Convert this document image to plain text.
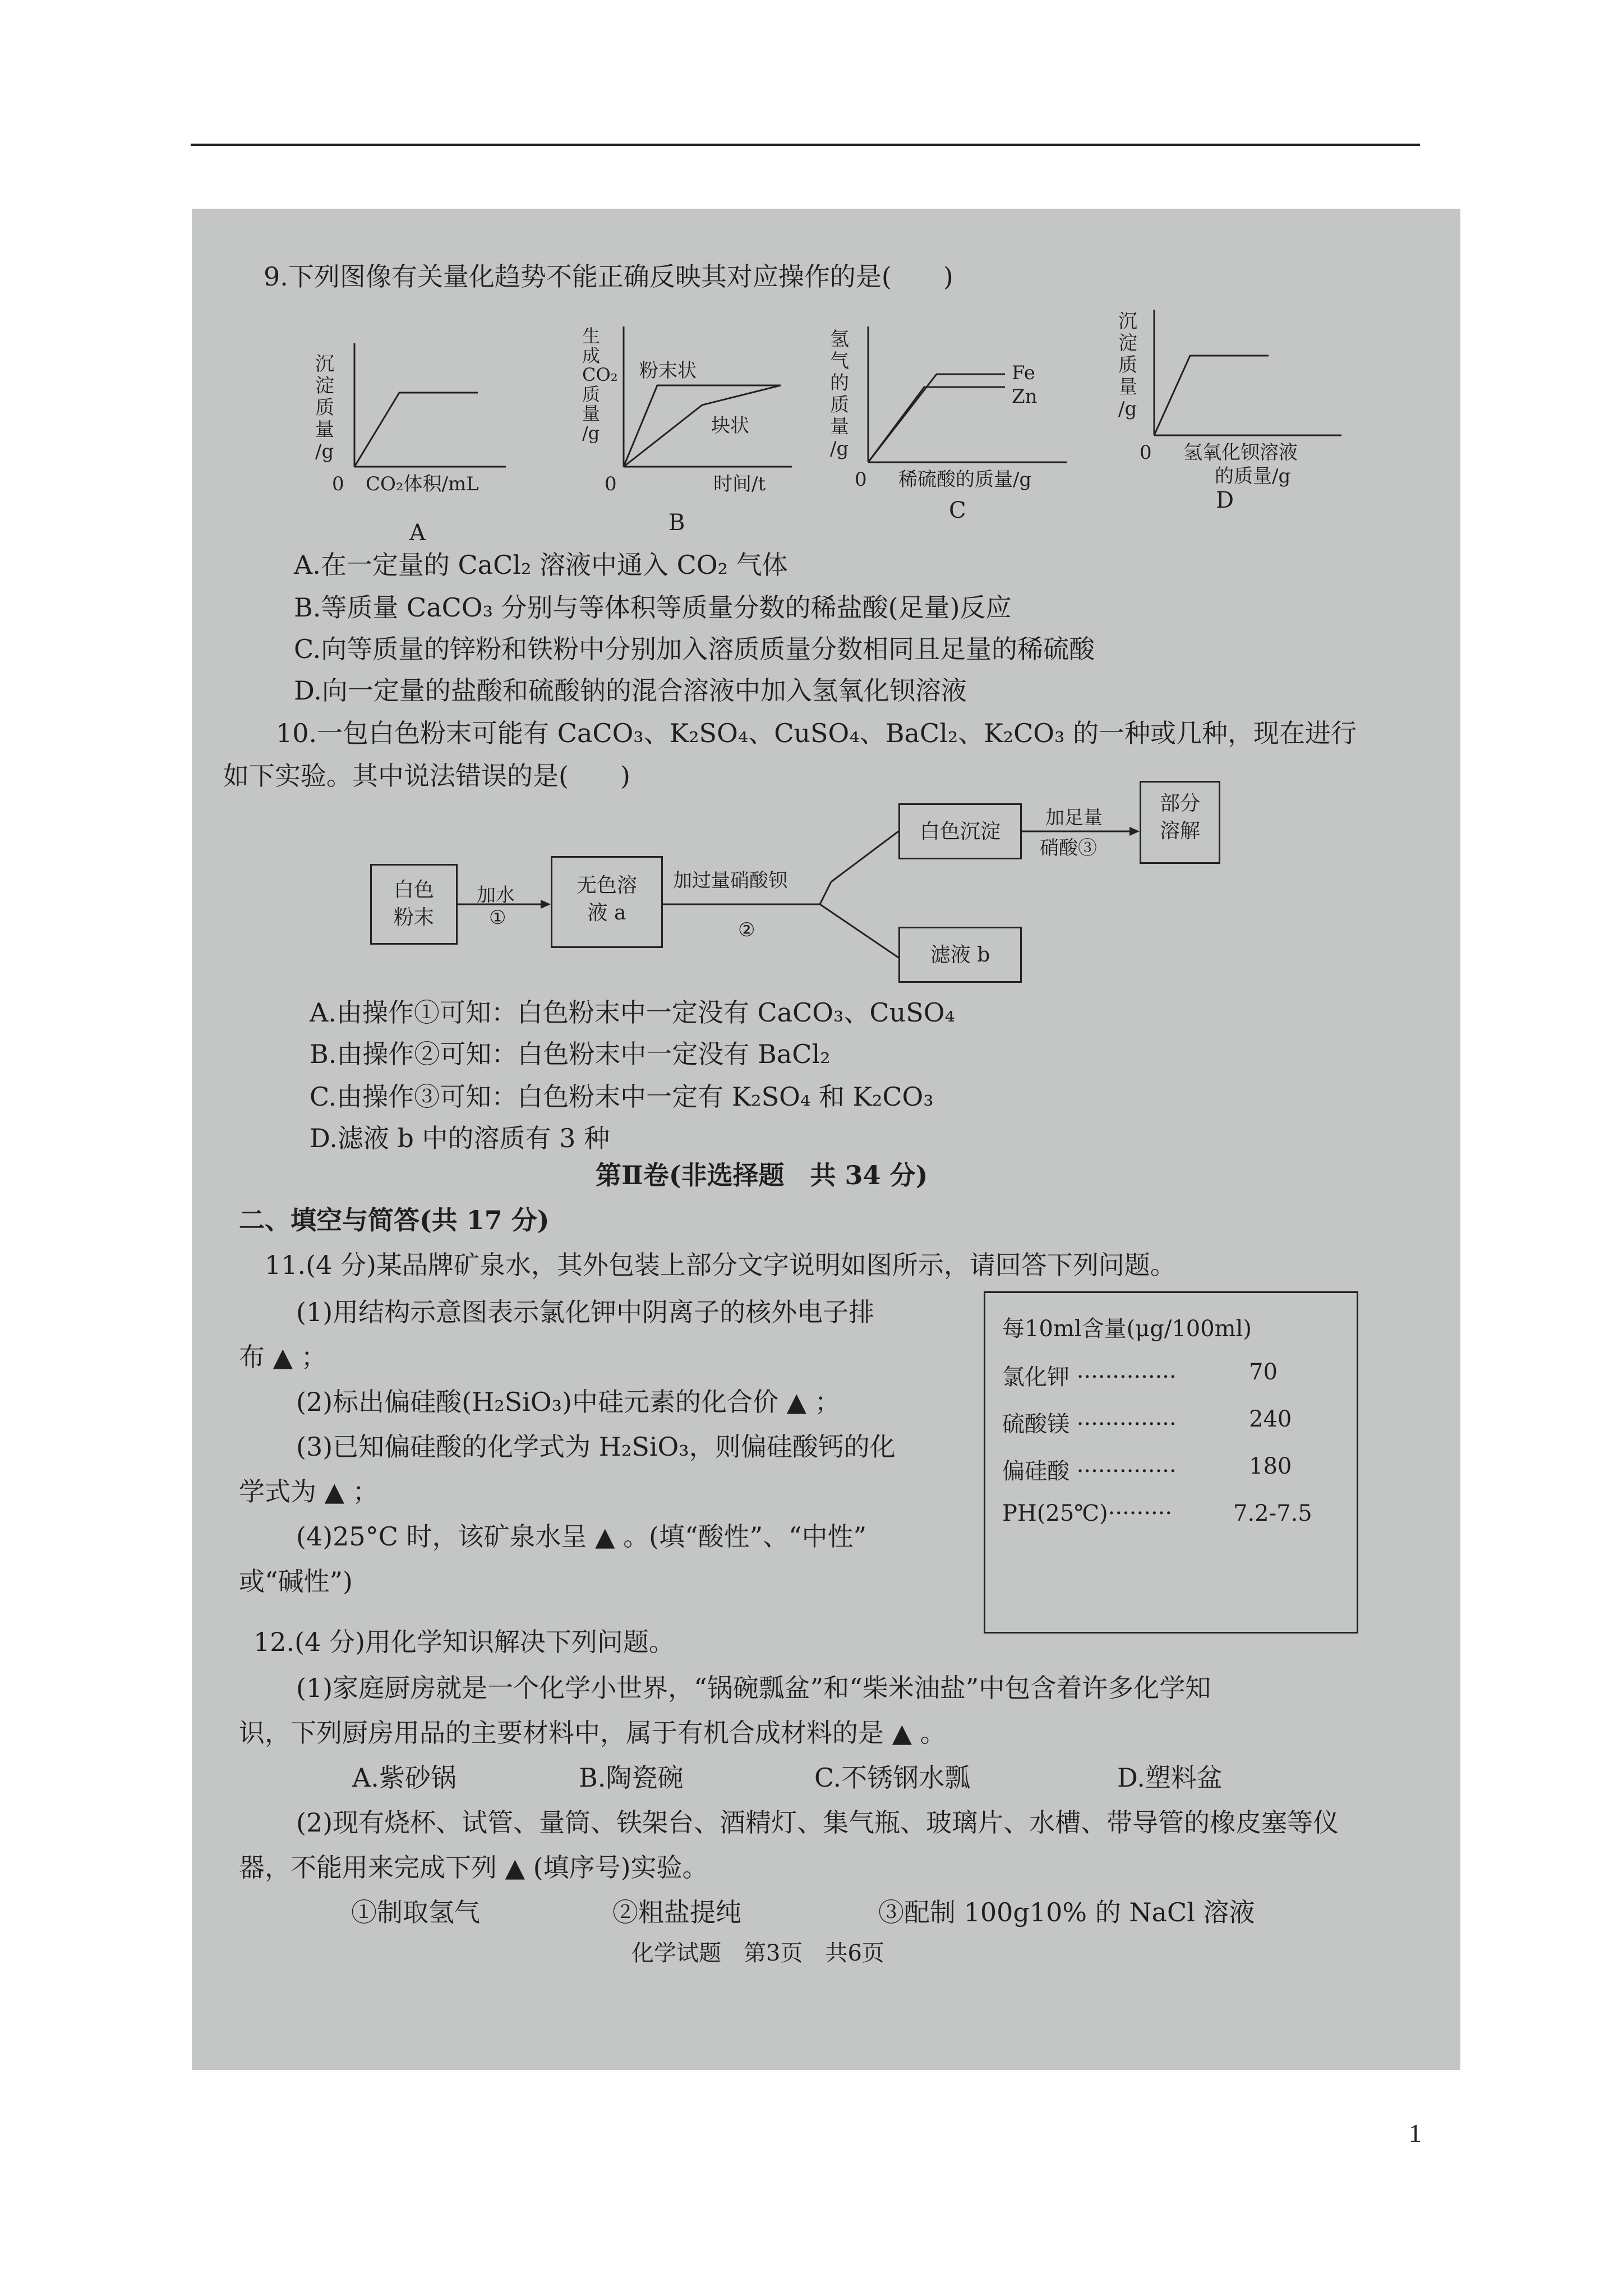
9.下列图像有关量化趋势不能正确反映其对应操作的是(　　)
沉
淀
质
量
/g
0 CO₂体积/mL
A
生
成
CO₂
质
量
/g
粉末状
块状
0	时间/t
B
氢
气
的
质
量
/g
Fe
Zn
0 稀硫酸的质量/g
C
沉
淀
质
量
/g
0 氢氧化钡溶液
的质量/g
D
A.在一定量的 CaCl₂ 溶液中通入 CO₂ 气体
B.等质量 CaCO₃ 分别与等体积等质量分数的稀盐酸(足量)反应
C.向等质量的锌粉和铁粉中分别加入溶质质量分数相同且足量的稀硫酸
D.向一定量的盐酸和硫酸钠的混合溶液中加入氢氧化钡溶液
10.一包白色粉末可能有 CaCO₃、K₂SO₄、CuSO₄、BaCl₂、K₂CO₃ 的一种或几种，现在进行
如下实验。其中说法错误的是(　　)
白色
粉末
加水
①
无色溶
液 a
加过量硝酸钡
②
白色沉淀
加足量
硝酸③
部分
溶解
滤液 b
A.由操作①可知：白色粉末中一定没有 CaCO₃、CuSO₄
B.由操作②可知：白色粉末中一定没有 BaCl₂
C.由操作③可知：白色粉末中一定有 K₂SO₄ 和 K₂CO₃
D.滤液 b 中的溶质有 3 种
第Ⅱ卷(非选择题　共 34 分)
二、填空与简答(共 17 分)
11.(4 分)某品牌矿泉水，其外包装上部分文字说明如图所示，请回答下列问题。
(1)用结构示意图表示氯化钾中阴离子的核外电子排
布 ▲ ；
(2)标出偏硅酸(H₂SiO₃)中硅元素的化合价 ▲ ；
(3)已知偏硅酸的化学式为 H₂SiO₃，则偏硅酸钙的化
学式为 ▲ ；
(4)25°C 时，该矿泉水呈 ▲ 。(填“酸性”、“中性”
或“碱性”)
每10ml含量(μg/100ml)
氯化钾 ··············	70
硫酸镁 ··············	240
偏硅酸 ··············	180
PH(25℃)·········	7.2-7.5
12.(4 分)用化学知识解决下列问题。
(1)家庭厨房就是一个化学小世界，“锅碗瓢盆”和“柴米油盐”中包含着许多化学知
识，下列厨房用品的主要材料中，属于有机合成材料的是 ▲ 。
A.紫砂锅	B.陶瓷碗	C.不锈钢水瓢	D.塑料盆
(2)现有烧杯、试管、量筒、铁架台、酒精灯、集气瓶、玻璃片、水槽、带导管的橡皮塞等仪
器，不能用来完成下列 ▲ (填序号)实验。
①制取氢气	②粗盐提纯	③配制 100g10% 的 NaCl 溶液
化学试题　第3页　共6页
1
